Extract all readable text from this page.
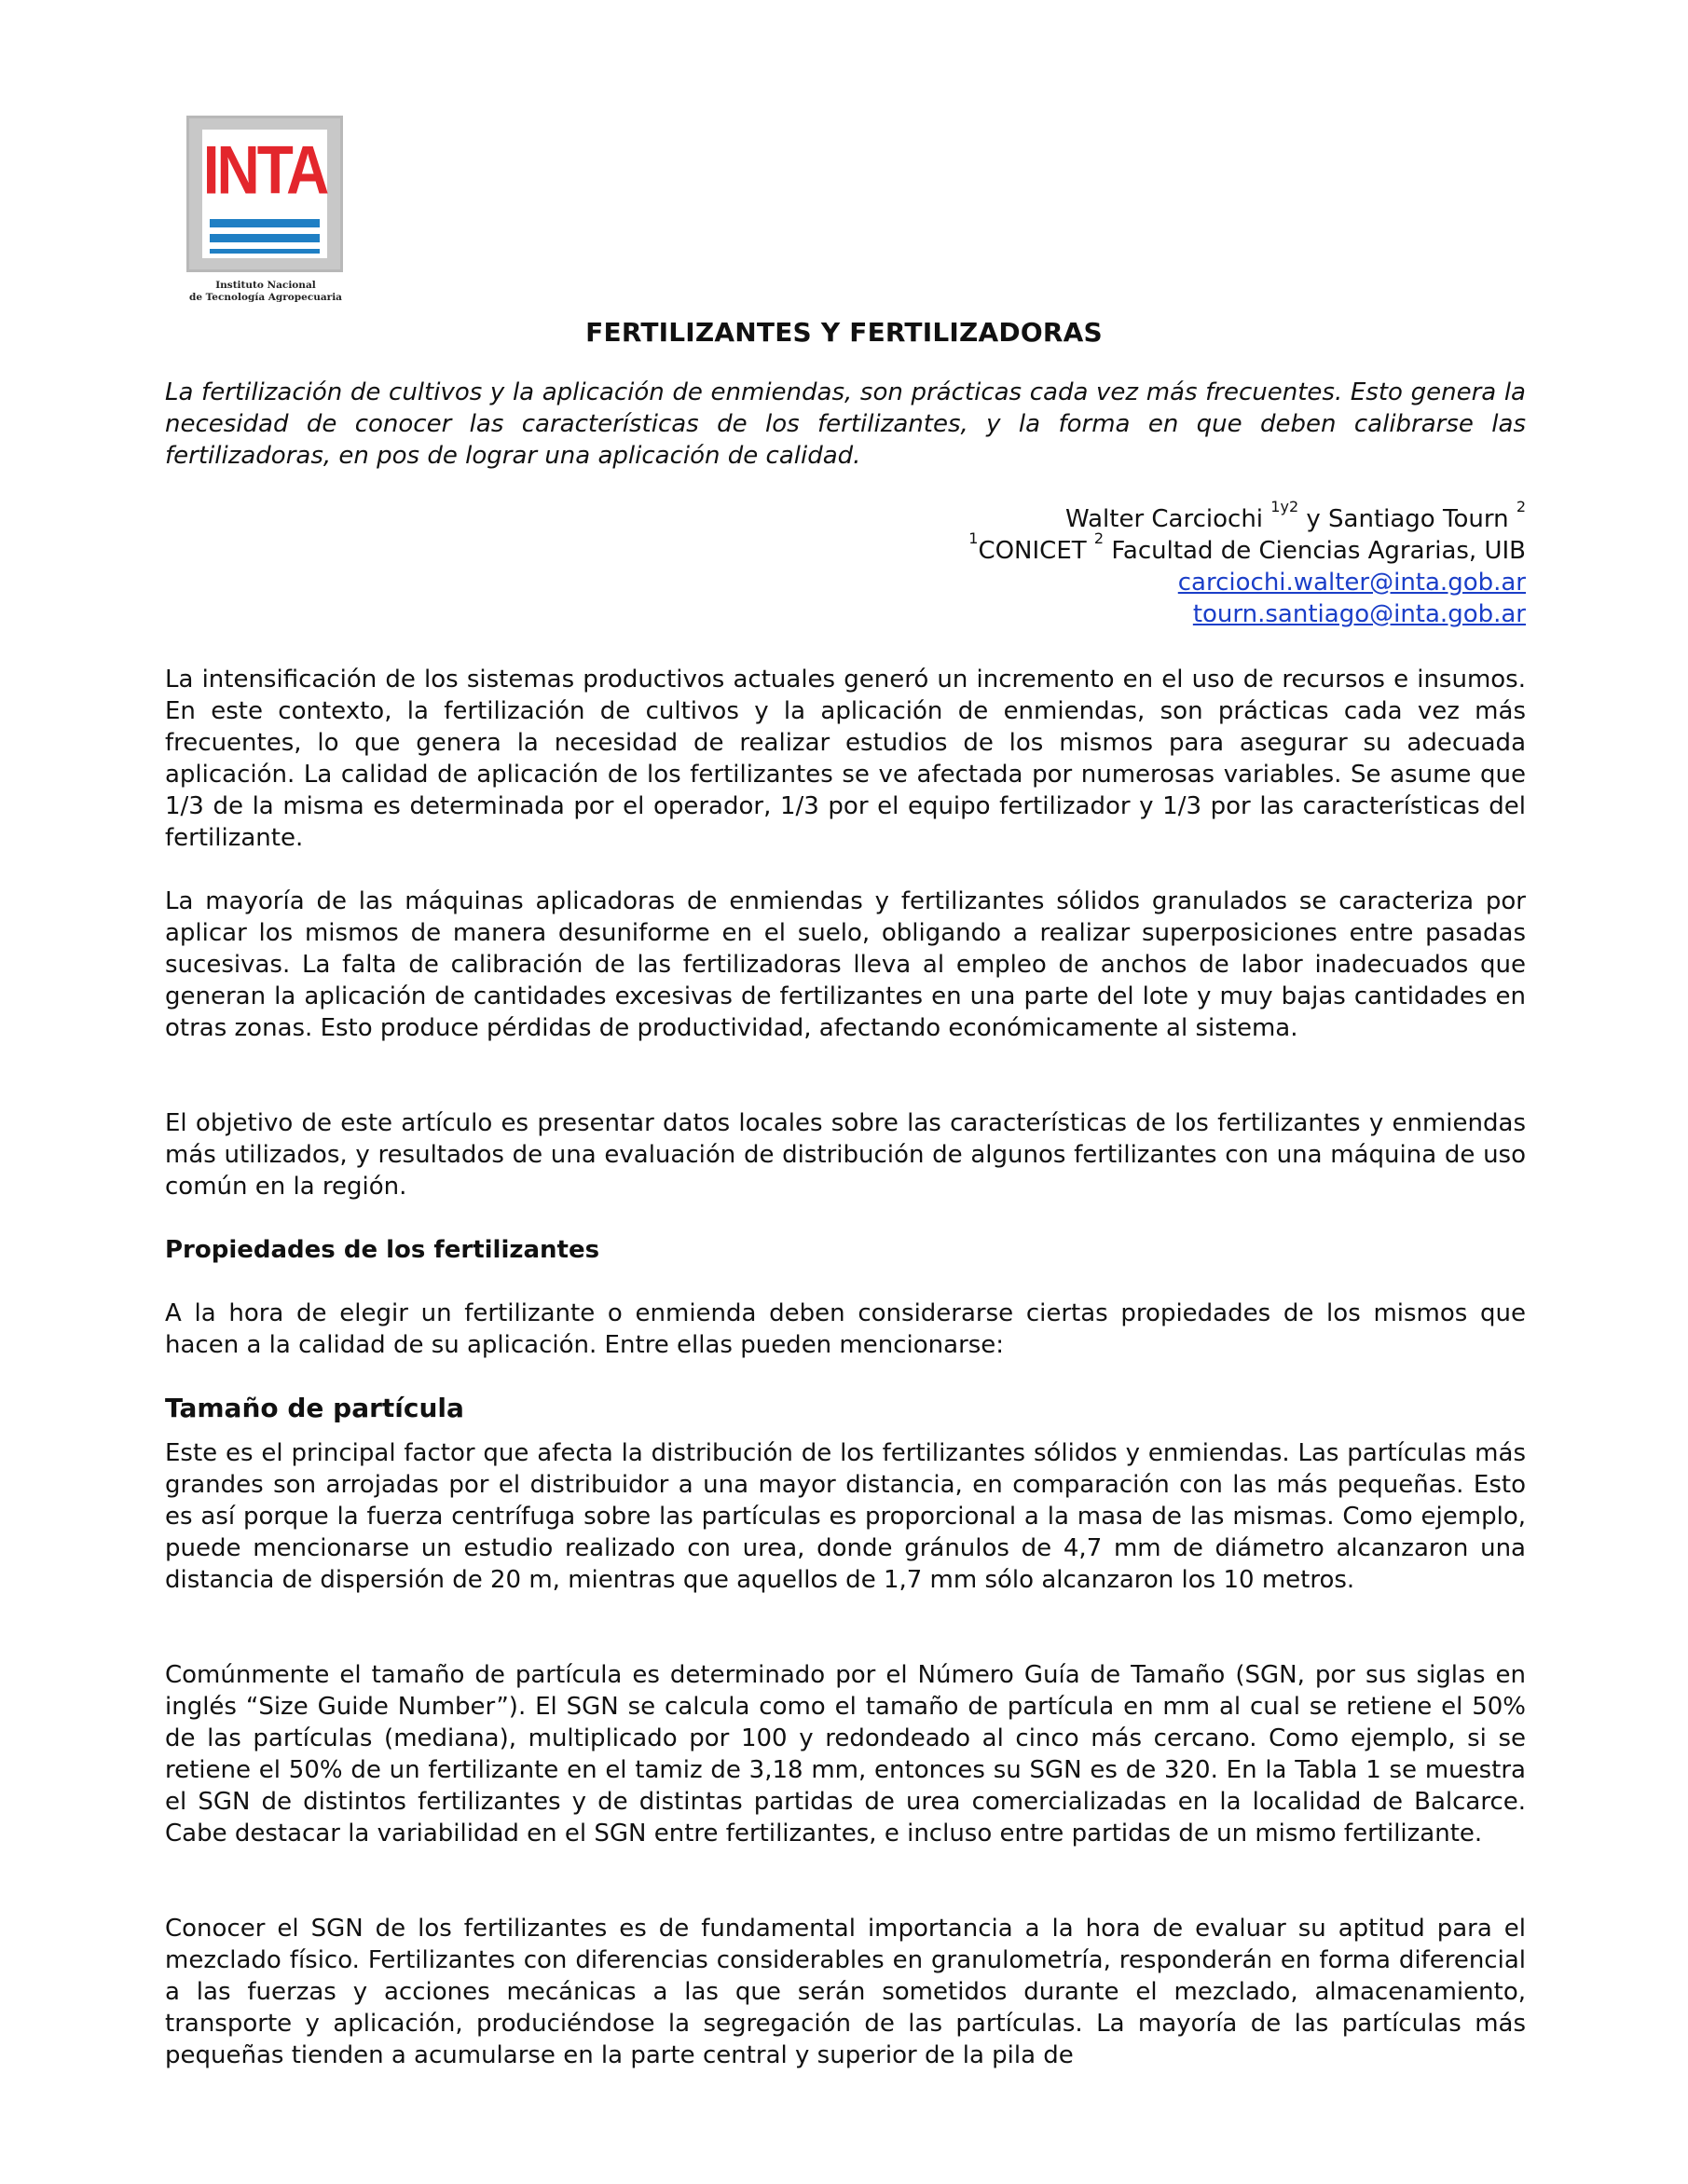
INTA
Instituto Nacional
de Tecnología Agropecuaria
FERTILIZANTES Y FERTILIZADORAS
La fertilización de cultivos y la aplicación de enmiendas, son prácticas cada vez más frecuentes. Esto genera la necesidad de conocer las características de los fertilizantes, y la forma en que deben calibrarse las fertilizadoras, en pos de lograr una aplicación de calidad.
Walter Carciochi $^{1y2}$ y Santiago Tourn $^2$
$^1$CONICET $^2$ Facultad de Ciencias Agrarias, UIB
carciochi.walter@inta.gob.ar
tourn.santiago@inta.gob.ar
La intensificación de los sistemas productivos actuales generó un incremento en el uso de recursos e insumos. En este contexto, la fertilización de cultivos y la aplicación de enmiendas, son prácticas cada vez más frecuentes, lo que genera la necesidad de realizar estudios de los mismos para asegurar su adecuada aplicación. La calidad de aplicación de los fertilizantes se ve afectada por numerosas variables. Se asume que 1/3 de la misma es determinada por el operador, 1/3 por el equipo fertilizador y 1/3 por las características del fertilizante.
La mayoría de las máquinas aplicadoras de enmiendas y fertilizantes sólidos granulados se caracteriza por aplicar los mismos de manera desuniforme en el suelo, obligando a realizar superposiciones entre pasadas sucesivas. La falta de calibración de las fertilizadoras lleva al empleo de anchos de labor inadecuados que generan la aplicación de cantidades excesivas de fertilizantes en una parte del lote y muy bajas cantidades en otras zonas. Esto produce pérdidas de productividad, afectando económicamente al sistema.
El objetivo de este artículo es presentar datos locales sobre las características de los fertilizantes y enmiendas más utilizados, y resultados de una evaluación de distribución de algunos fertilizantes con una máquina de uso común en la región.
Propiedades de los fertilizantes
A la hora de elegir un fertilizante o enmienda deben considerarse ciertas propiedades de los mismos que hacen a la calidad de su aplicación. Entre ellas pueden mencionarse:
Tamaño de partícula
Este es el principal factor que afecta la distribución de los fertilizantes sólidos y enmiendas. Las partículas más grandes son arrojadas por el distribuidor a una mayor distancia, en comparación con las más pequeñas. Esto es así porque la fuerza centrífuga sobre las partículas es proporcional a la masa de las mismas. Como ejemplo, puede mencionarse un estudio realizado con urea, donde gránulos de 4,7 mm de diámetro alcanzaron una distancia de dispersión de 20 m, mientras que aquellos de 1,7 mm sólo alcanzaron los 10 metros.
Comúnmente el tamaño de partícula es determinado por el Número Guía de Tamaño (SGN, por sus siglas en inglés “Size Guide Number”). El SGN se calcula como el tamaño de partícula en mm al cual se retiene el 50% de las partículas (mediana), multiplicado por 100 y redondeado al cinco más cercano. Como ejemplo, si se retiene el 50% de un fertilizante en el tamiz de 3,18 mm, entonces su SGN es de 320. En la Tabla 1 se muestra el SGN de distintos fertilizantes y de distintas partidas de urea comercializadas en la localidad de Balcarce. Cabe destacar la variabilidad en el SGN entre fertilizantes, e incluso entre partidas de un mismo fertilizante.
Conocer el SGN de los fertilizantes es de fundamental importancia a la hora de evaluar su aptitud para el mezclado físico. Fertilizantes con diferencias considerables en granulometría, responderán en forma diferencial a las fuerzas y acciones mecánicas a las que serán sometidos durante el mezclado, almacenamiento, transporte y aplicación, produciéndose la segregación de las partículas. La mayoría de las partículas más pequeñas tienden a acumularse en la parte central y superior de la pila de
